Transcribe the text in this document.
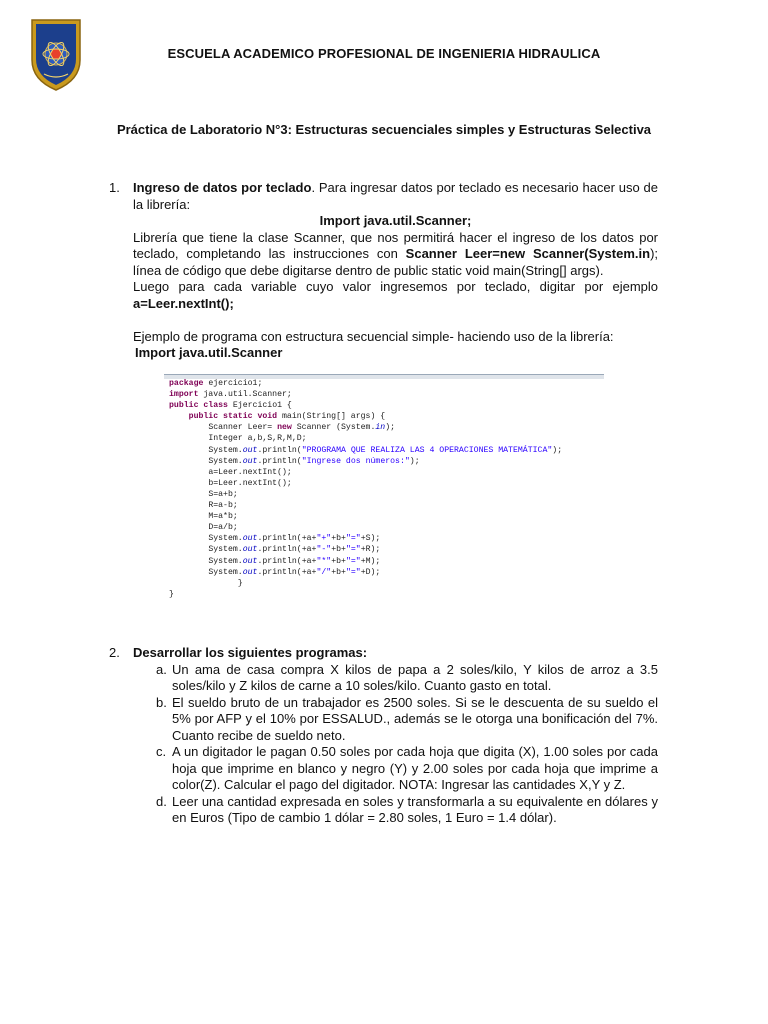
ESCUELA ACADEMICO PROFESIONAL DE INGENIERIA HIDRAULICA
Práctica de Laboratorio N°3: Estructuras secuenciales simples y Estructuras Selectiva
1. Ingreso de datos por teclado. Para ingresar datos por teclado es necesario hacer uso de la librería:
Import java.util.Scanner;
Librería que tiene la clase Scanner, que nos permitirá hacer el ingreso de los datos por teclado, completando las instrucciones con Scanner Leer=new Scanner(System.in); línea de código que debe digitarse dentro de public static void main(String[] args).
Luego para cada variable cuyo valor ingresemos por teclado, digitar por ejemplo
a=Leer.nextInt();
Ejemplo de programa con estructura secuencial simple- haciendo uso de la librería:
Import java.util.Scanner
package ejercicio1;
import java.util.Scanner;
public class Ejercicio1 {
public static void main(String[] args) {
Scanner Leer= new Scanner (System.in);
Integer a,b,S,R,M,D;
System.out.println("PROGRAMA QUE REALIZA LAS 4 OPERACIONES MATEMÁTICA");
System.out.println("Ingrese dos números:");
a=Leer.nextInt();
b=Leer.nextInt();
S=a+b;
R=a-b;
M=a*b;
D=a/b;
System.out.println(+a+"+"+b+"="+S);
System.out.println(+a+"-"+b+"="+R);
System.out.println(+a+"*"+b+"="+M);
System.out.println(+a+"/"+b+"="+D);
}
}
2. Desarrollar los siguientes programas:
a. Un ama de casa compra X kilos de papa a 2 soles/kilo, Y kilos de arroz a 3.5 soles/kilo y Z kilos de carne a 10 soles/kilo. Cuanto gasto en total.
b. El sueldo bruto de un trabajador es 2500 soles. Si se le descuenta de su sueldo el 5% por AFP y el 10% por ESSALUD., además se le otorga una bonificación del 7%. Cuanto recibe de sueldo neto.
c. A un digitador le pagan 0.50 soles por cada hoja que digita (X), 1.00 soles por cada hoja que imprime en blanco y negro (Y) y 2.00 soles por cada hoja que imprime a color(Z). Calcular el pago del digitador. NOTA: Ingresar las cantidades X,Y y Z.
d. Leer una cantidad expresada en soles y transformarla a su equivalente en dólares y en Euros (Tipo de cambio 1 dólar = 2.80 soles, 1 Euro = 1.4 dólar).
